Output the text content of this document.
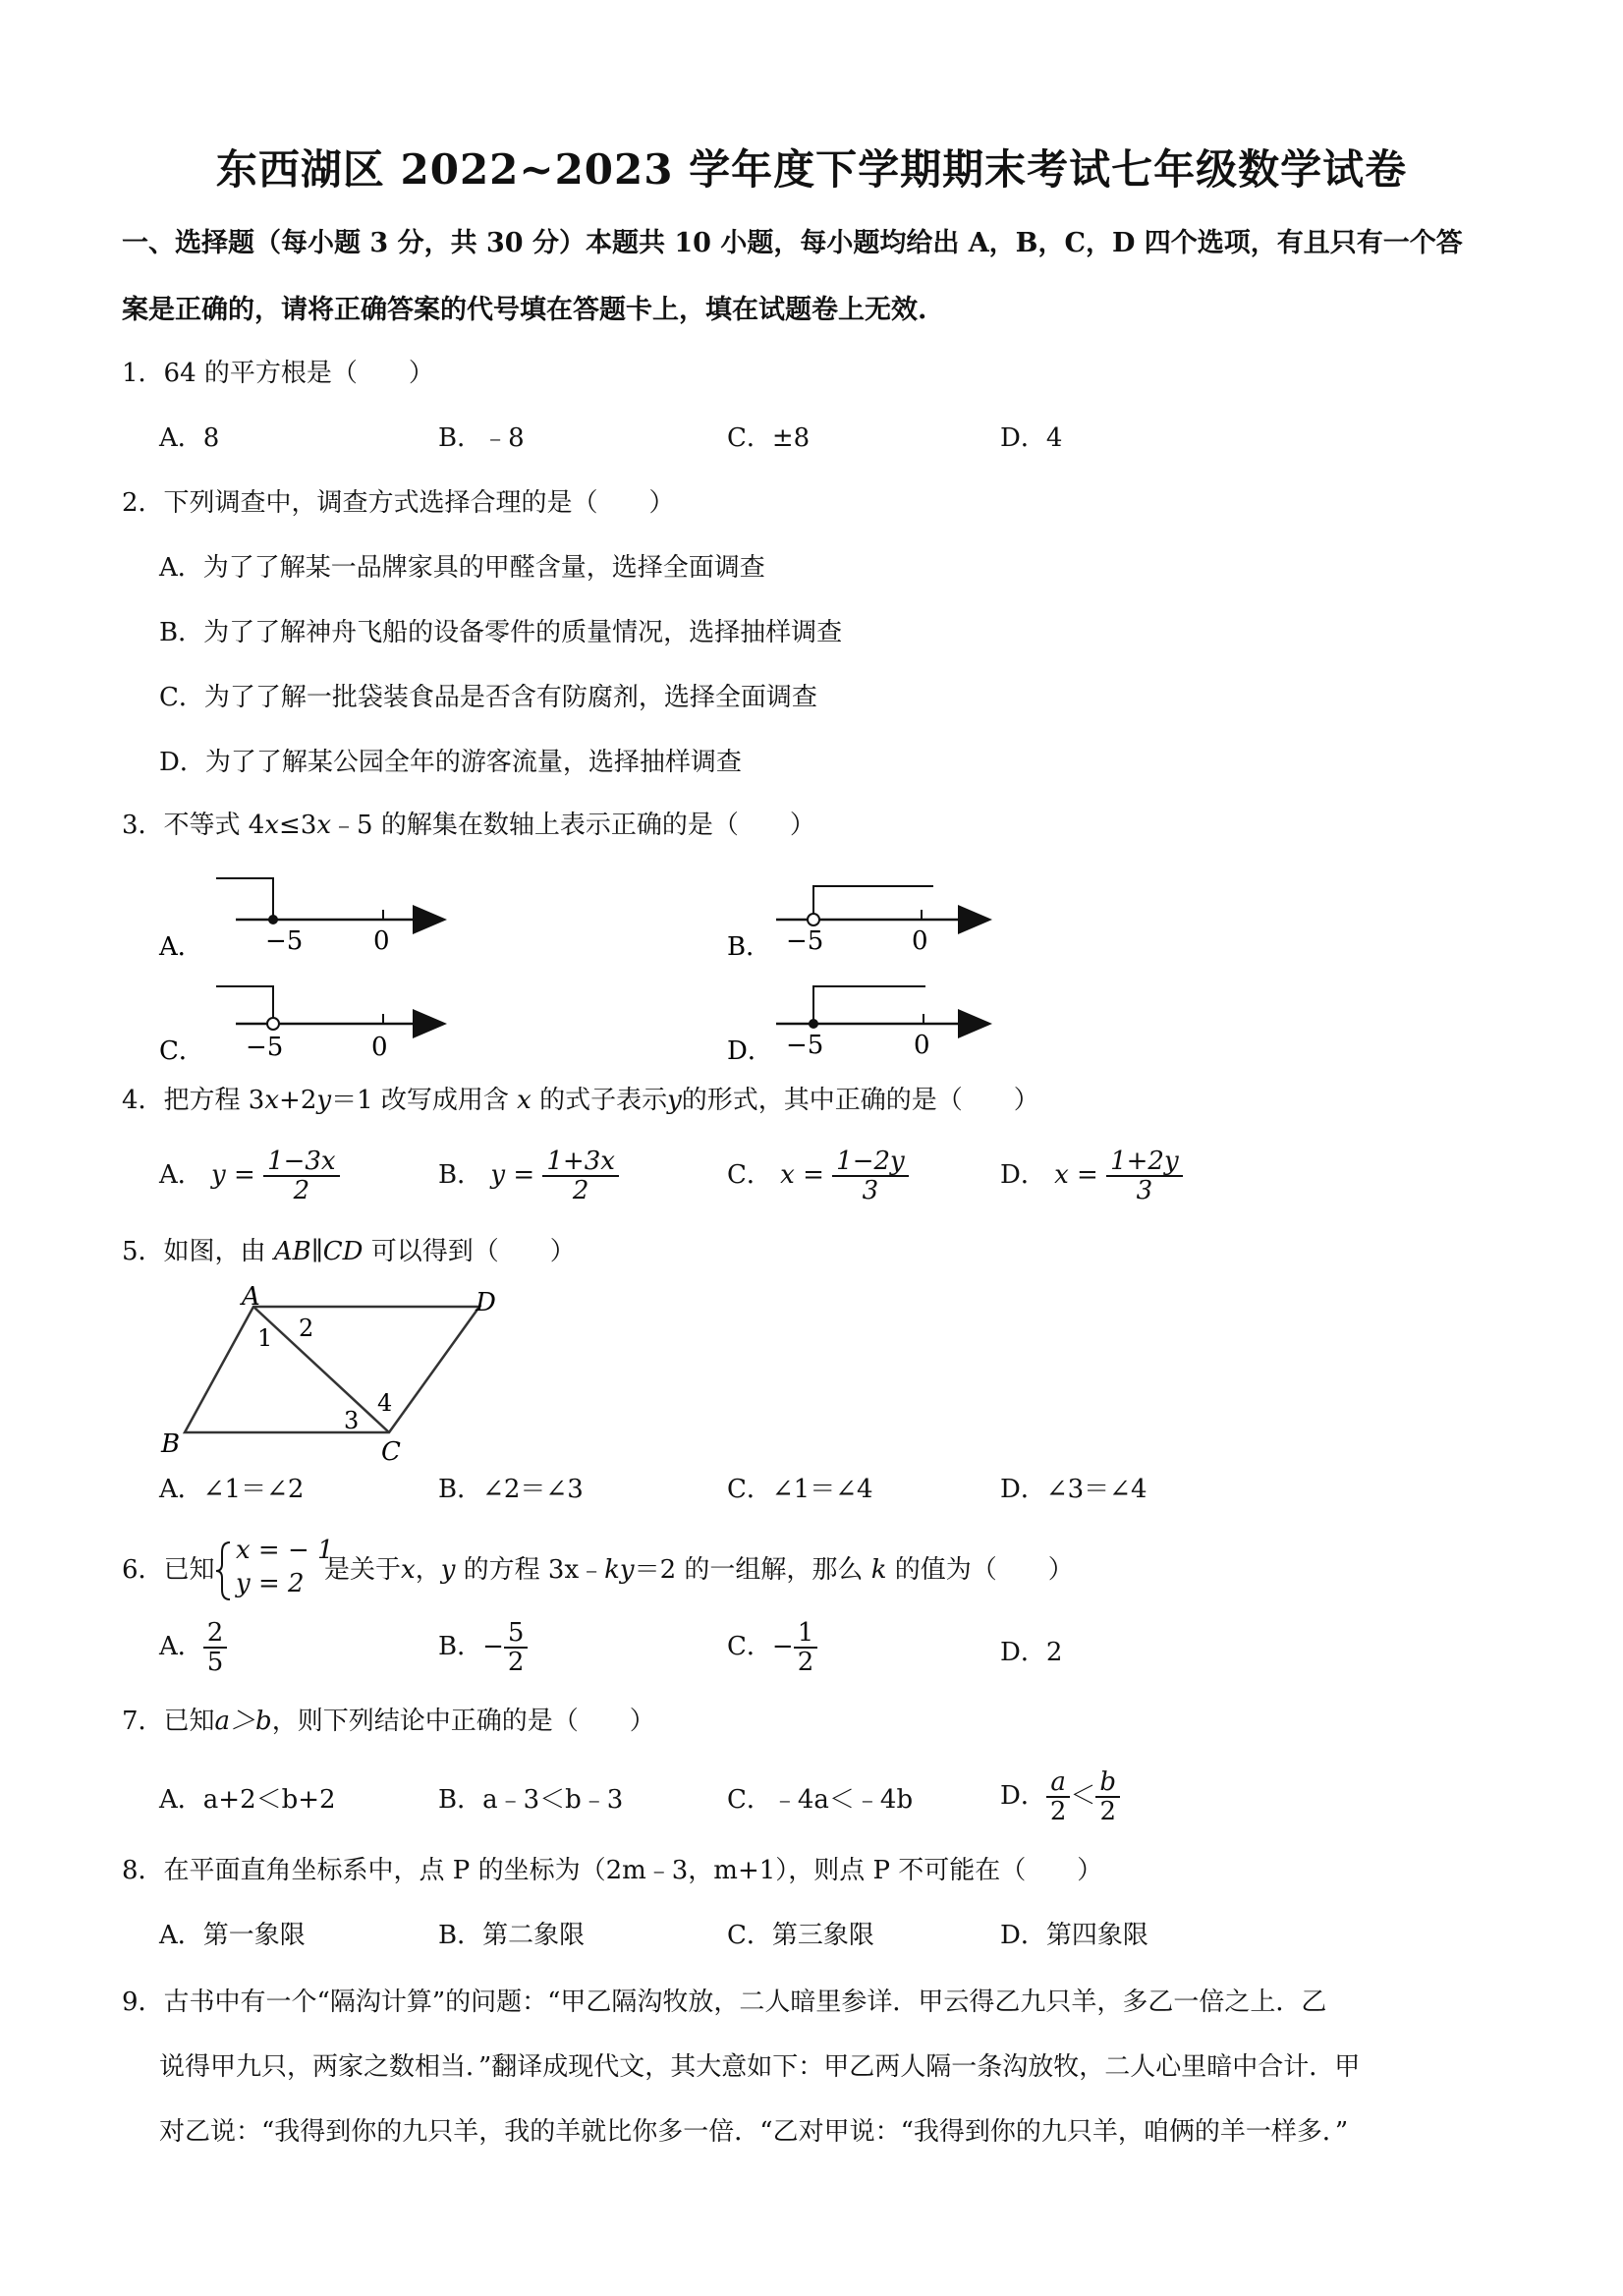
东西湖区 2022~2023 学年度下学期期末考试七年级数学试卷
一、选择题（每小题 3 分，共 30 分）本题共 10 小题，每小题均给出 A，B，C，D 四个选项，有且只有一个答
案是正确的，请将正确答案的代号填在答题卡上，填在试题卷上无效.
1．64 的平方根是（　　）
A．8	B．﹣8	C．±8	D．4
2．下列调查中，调查方式选择合理的是（　　）
A．为了了解某一品牌家具的甲醛含量，选择全面调查
B．为了了解神舟飞船的设备零件的质量情况，选择抽样调查
C．为了了解一批袋装食品是否含有防腐剂，选择全面调查
D．为了了解某公园全年的游客流量，选择抽样调查
3．不等式 4x≤3x﹣5 的解集在数轴上表示正确的是（　　）
A． −5	0	B． −5	0
C． −5	0	D． −5	0
4．把方程 3x+2y＝1 改写成用含 x 的式子表示y的形式，其中正确的是（　　）
A． $y = \frac{1-3x}{2}$	B． $y = \frac{1+3x}{2}$	C． $x = \frac{1-2y}{3}$	D． $x = \frac{1+2y}{3}$
5．如图，由 AB∥CD 可以得到（　　）
A
B	C
D
1 2
3
4
A．∠1＝∠2	B．∠2＝∠3	C．∠1＝∠4	D．∠3＝∠4
6．已知
x = − 1
y = 2 是关于x，y 的方程 3x﹣ky＝2 的一组解，那么 k 的值为（　　）
A． $\frac{2}{5}$	B．− $\frac{5}{2}$	C．− $\frac{1}{2}$	D．2
7．已知a＞b，则下列结论中正确的是（　　）
A．a+2＜b+2	B．a﹣3＜b﹣3	C．﹣4a＜﹣4b	D． $\frac{a}{2} < \frac{b}{2}$
8．在平面直角坐标系中，点 P 的坐标为（2m﹣3，m+1），则点 P 不可能在（　　）
A．第一象限	B．第二象限	C．第三象限	D．第四象限
9．古书中有一个“隔沟计算”的问题：“甲乙隔沟牧放，二人暗里参详．甲云得乙九只羊，多乙一倍之上．乙
说得甲九只，两家之数相当．”翻译成现代文，其大意如下：甲乙两人隔一条沟放牧，二人心里暗中合计．甲
对乙说：“我得到你的九只羊，我的羊就比你多一倍．“乙对甲说：“我得到你的九只羊，咱俩的羊一样多．”
